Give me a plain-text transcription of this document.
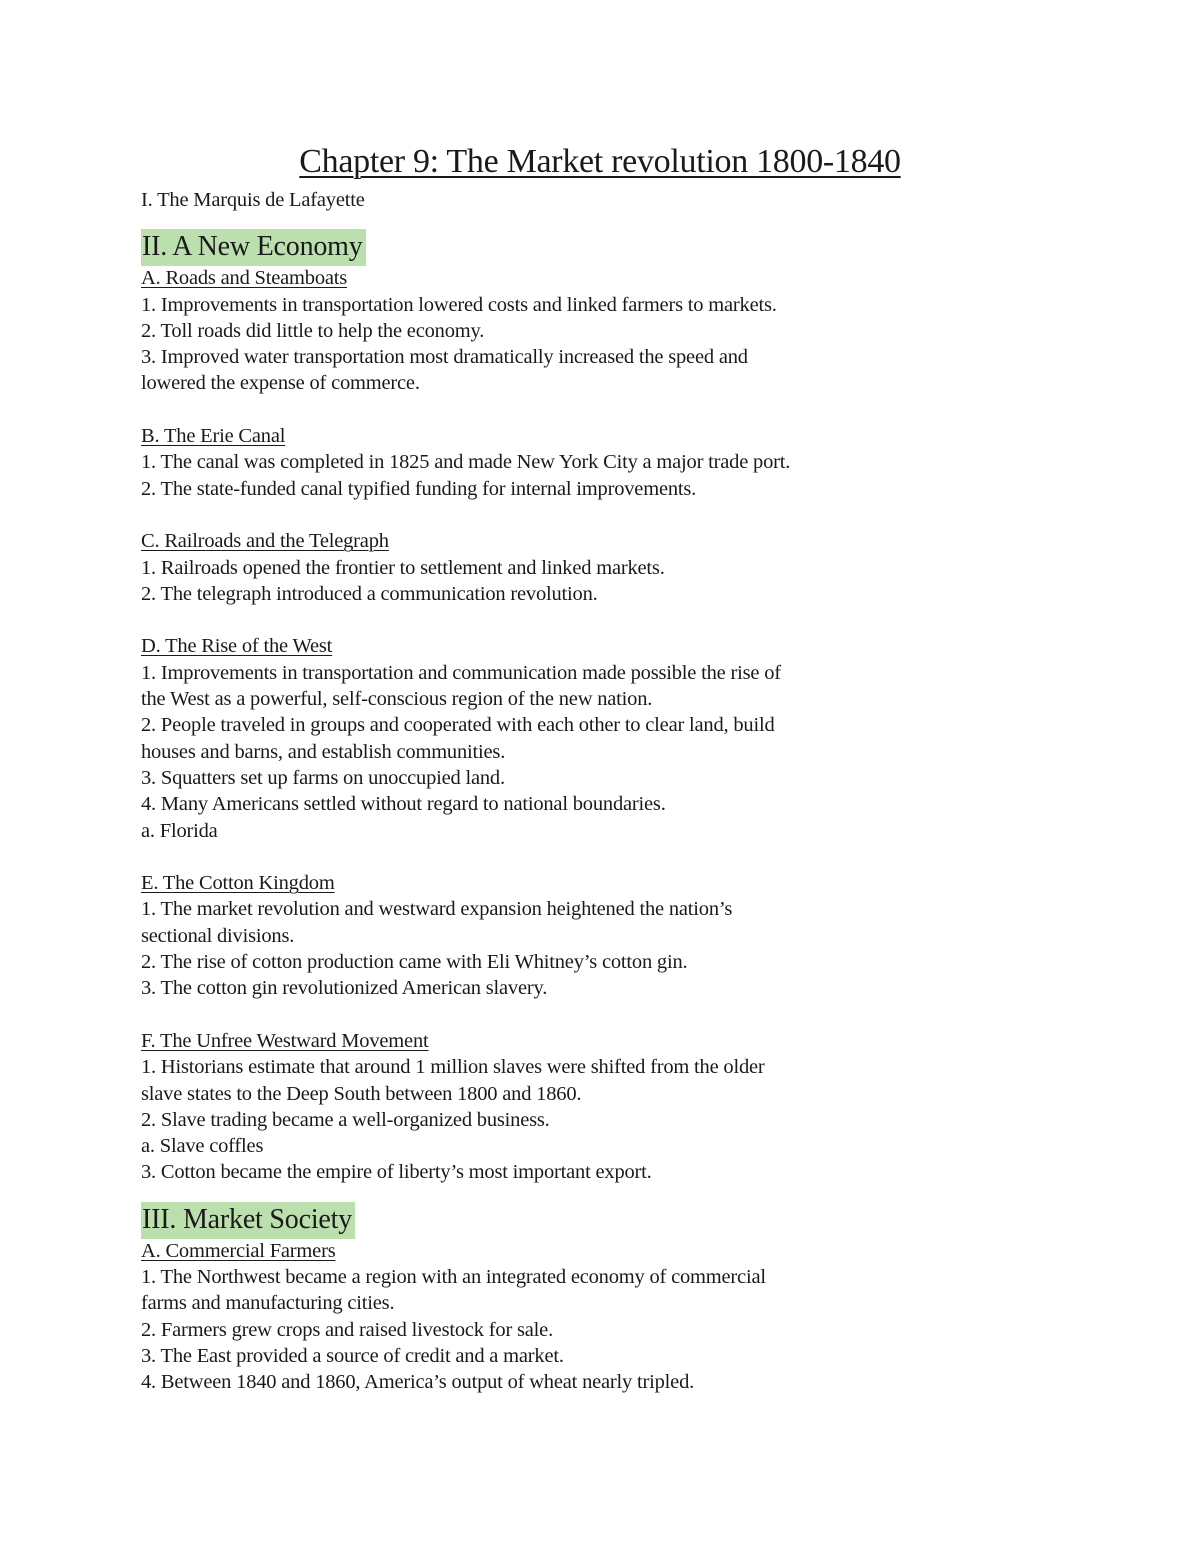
Chapter 9: The Market revolution 1800-1840
I. The Marquis de Lafayette
II. A New Economy
A. Roads and Steamboats
1. Improvements in transportation lowered costs and linked farmers to markets.
2. Toll roads did little to help the economy.
3. Improved water transportation most dramatically increased the speed and
lowered the expense of commerce.
B. The Erie Canal
1. The canal was completed in 1825 and made New York City a major trade port.
2. The state-funded canal typified funding for internal improvements.
C. Railroads and the Telegraph
1. Railroads opened the frontier to settlement and linked markets.
2. The telegraph introduced a communication revolution.
D. The Rise of the West
1. Improvements in transportation and communication made possible the rise of
the West as a powerful, self-conscious region of the new nation.
2. People traveled in groups and cooperated with each other to clear land, build
houses and barns, and establish communities.
3. Squatters set up farms on unoccupied land.
4. Many Americans settled without regard to national boundaries.
a. Florida
E. The Cotton Kingdom
1. The market revolution and westward expansion heightened the nation’s
sectional divisions.
2. The rise of cotton production came with Eli Whitney’s cotton gin.
3. The cotton gin revolutionized American slavery.
F. The Unfree Westward Movement
1. Historians estimate that around 1 million slaves were shifted from the older
slave states to the Deep South between 1800 and 1860.
2. Slave trading became a well-organized business.
a. Slave coffles
3. Cotton became the empire of liberty’s most important export.
III. Market Society
A. Commercial Farmers
1. The Northwest became a region with an integrated economy of commercial
farms and manufacturing cities.
2. Farmers grew crops and raised livestock for sale.
3. The East provided a source of credit and a market.
4. Between 1840 and 1860, America’s output of wheat nearly tripled.
